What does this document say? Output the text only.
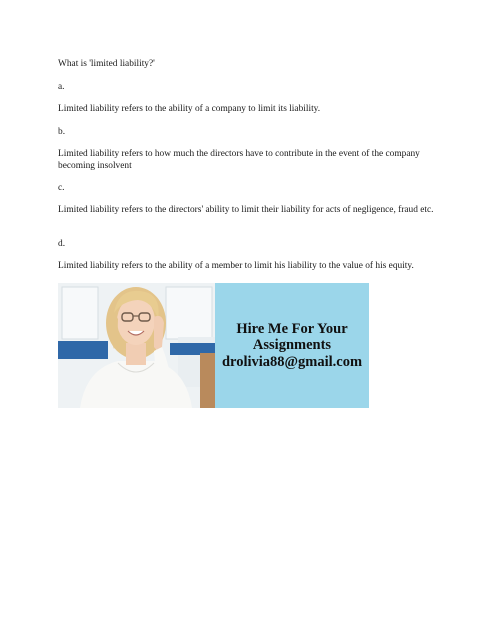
What is 'limited liability?'
a.
Limited liability refers to the ability of a company to limit its liability.
b.
Limited liability refers to how much the directors have to contribute in the event of the company becoming insolvent
c.
Limited liability refers to the directors' ability to limit their liability for acts of negligence, fraud etc.
d.
Limited liability refers to the ability of a member to limit his liability to the value of his equity.
Hire Me For Your
Assignments
drolivia88@gmail.com
